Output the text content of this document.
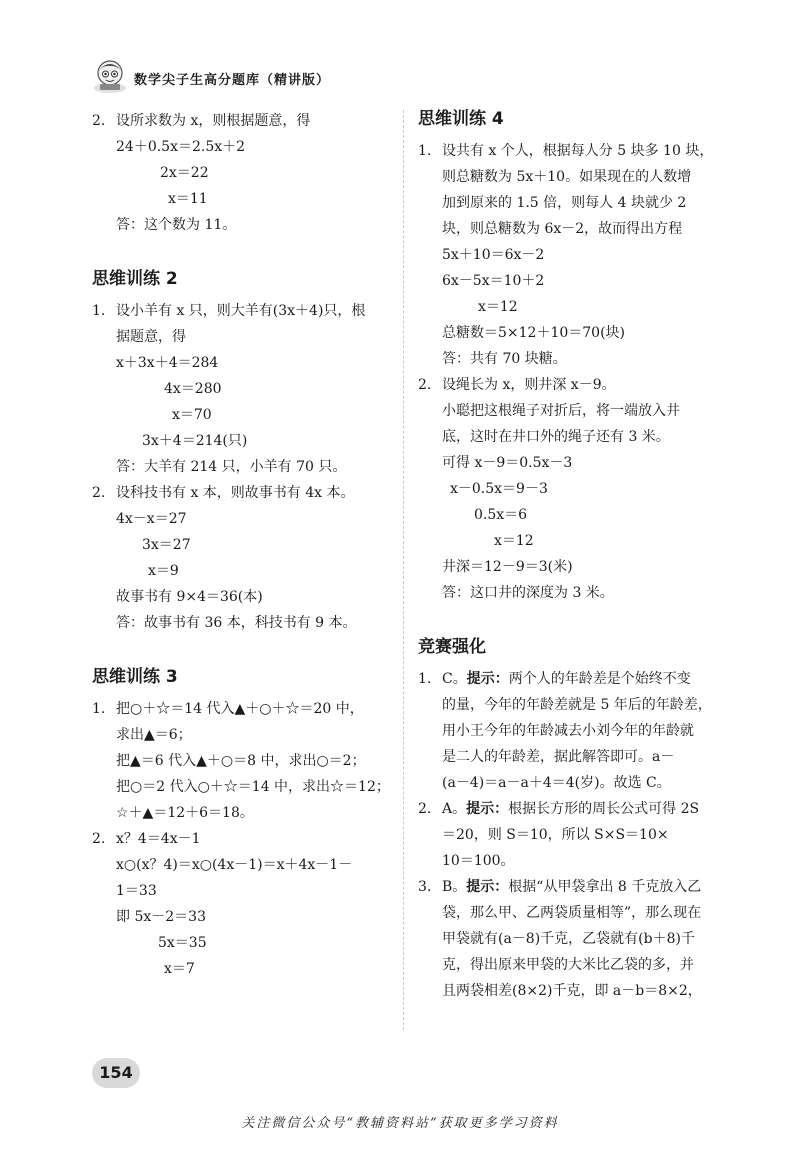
数学尖子生高分题库（精讲版）
2. 设所求数为 x，则根据题意，得
24＋0.5x＝2.5x＋2
2x＝22
x＝11
答：这个数为 11。
思维训练 2
1. 设小羊有 x 只，则大羊有(3x＋4)只，根
据题意，得
x＋3x＋4＝284
4x＝280
x＝70
3x＋4＝214(只)
答：大羊有 214 只，小羊有 70 只。
2. 设科技书有 x 本，则故事书有 4x 本。
4x－x＝27
3x＝27
x＝9
故事书有 9×4＝36(本)
答：故事书有 36 本，科技书有 9 本。
思维训练 3
1. 把○＋☆＝14 代入▲＋○＋☆＝20 中，
求出▲＝6；
把▲＝6 代入▲＋○＝8 中，求出○＝2；
把○＝2 代入○＋☆＝14 中，求出☆＝12；
☆＋▲＝12＋6＝18。
2. x？4＝4x－1
x○(x？4)＝x○(4x－1)＝x＋4x－1－
1＝33
即 5x－2＝33
5x＝35
x＝7
思维训练 4
1. 设共有 x 个人，根据每人分 5 块多 10 块，
则总糖数为 5x＋10。如果现在的人数增
加到原来的 1.5 倍，则每人 4 块就少 2
块，则总糖数为 6x－2，故而得出方程
5x＋10＝6x－2
6x－5x＝10＋2
x＝12
总糖数＝5×12＋10＝70(块)
答：共有 70 块糖。
2. 设绳长为 x，则井深 x－9。
小聪把这根绳子对折后，将一端放入井
底，这时在井口外的绳子还有 3 米。
可得 x－9＝0.5x－3
x－0.5x＝9－3
0.5x＝6
x＝12
井深＝12－9＝3(米)
答：这口井的深度为 3 米。
竞赛强化
1. C。提示：两个人的年龄差是个始终不变
的量，今年的年龄差就是 5 年后的年龄差，
用小王今年的年龄减去小刘今年的年龄就
是二人的年龄差，据此解答即可。a－
(a－4)＝a－a＋4＝4(岁)。故选 C。
2. A。提示：根据长方形的周长公式可得 2S
＝20，则 S＝10，所以 S×S＝10×
10＝100。
3. B。提示：根据“从甲袋拿出 8 千克放入乙
袋，那么甲、乙两袋质量相等”，那么现在
甲袋就有(a－8)千克，乙袋就有(b＋8)千
克，得出原来甲袋的大米比乙袋的多，并
且两袋相差(8×2)千克，即 a－b＝8×2，
154
关注微信公众号“教辅资料站”获取更多学习资料
